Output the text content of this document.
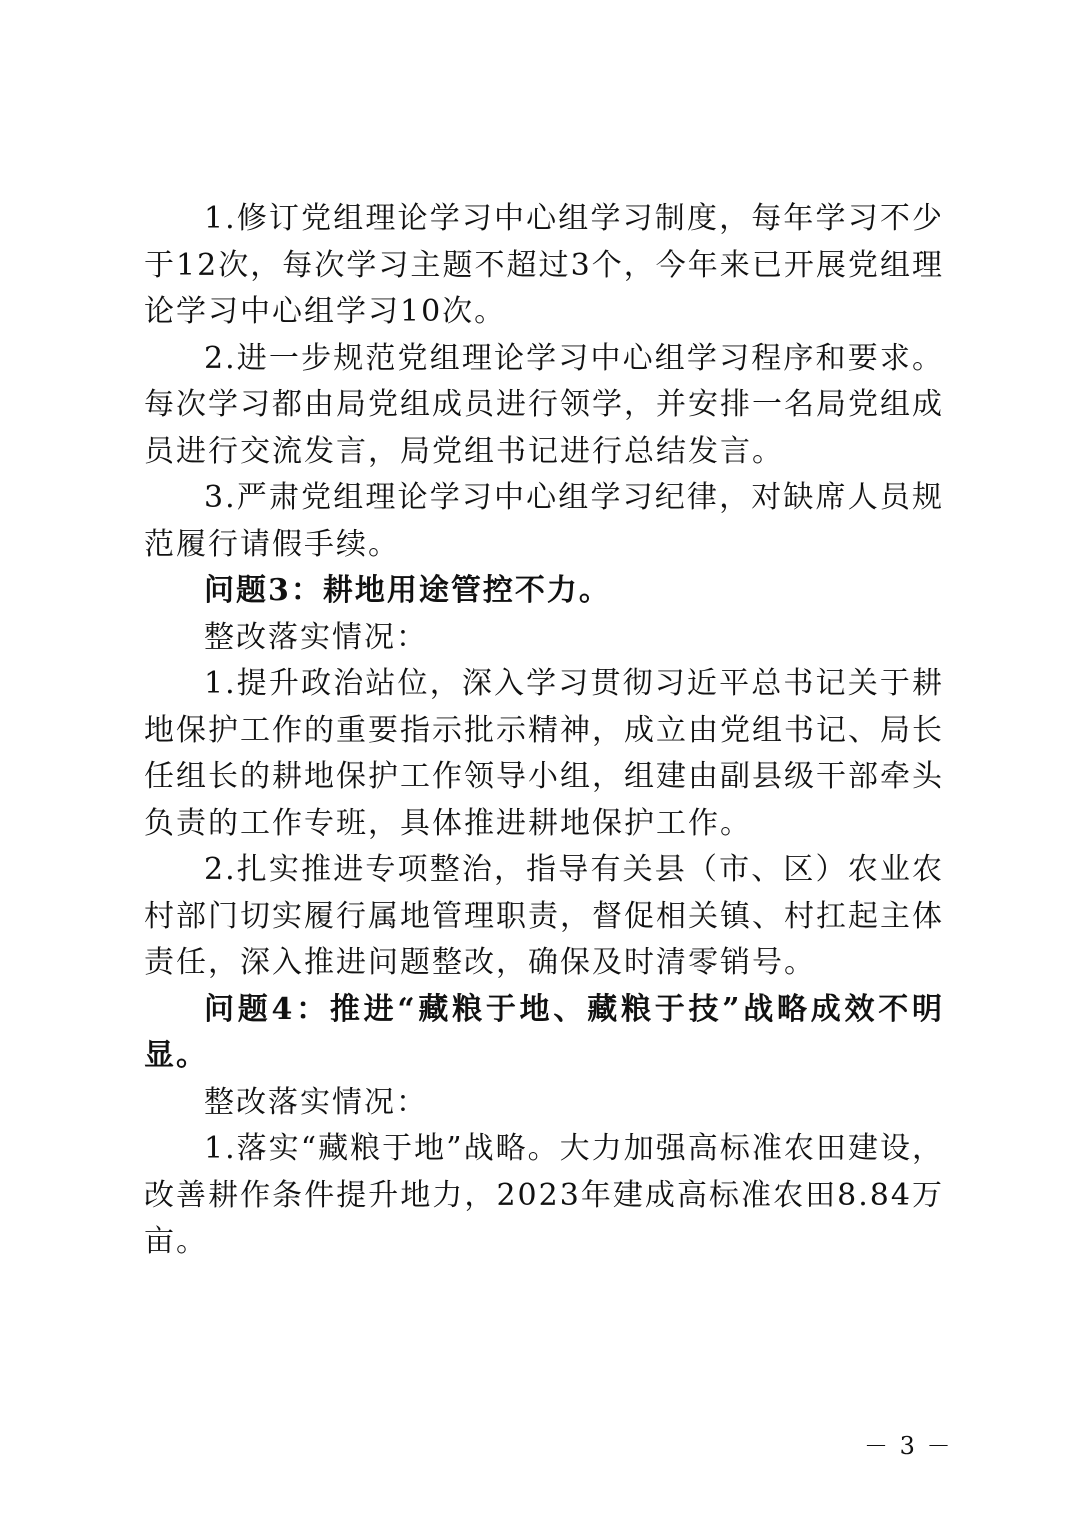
1.修订党组理论学习中心组学习制度，每年学习不少于12次，每次学习主题不超过3个，今年来已开展党组理论学习中心组学习10次。

2.进一步规范党组理论学习中心组学习程序和要求。每次学习都由局党组成员进行领学，并安排一名局党组成员进行交流发言，局党组书记进行总结发言。

3.严肃党组理论学习中心组学习纪律，对缺席人员规范履行请假手续。

问题3：耕地用途管控不力。

整改落实情况：

1.提升政治站位，深入学习贯彻习近平总书记关于耕地保护工作的重要指示批示精神，成立由党组书记、局长任组长的耕地保护工作领导小组，组建由副县级干部牵头负责的工作专班，具体推进耕地保护工作。

2.扎实推进专项整治，指导有关县（市、区）农业农村部门切实履行属地管理职责，督促相关镇、村扛起主体责任，深入推进问题整改，确保及时清零销号。

问题4：推进“藏粮于地、藏粮于技”战略成效不明显。

整改落实情况：

1.落实“藏粮于地”战略。大力加强高标准农田建设，改善耕作条件提升地力，2023年建成高标准农田8.84万亩。

－ 3 －
